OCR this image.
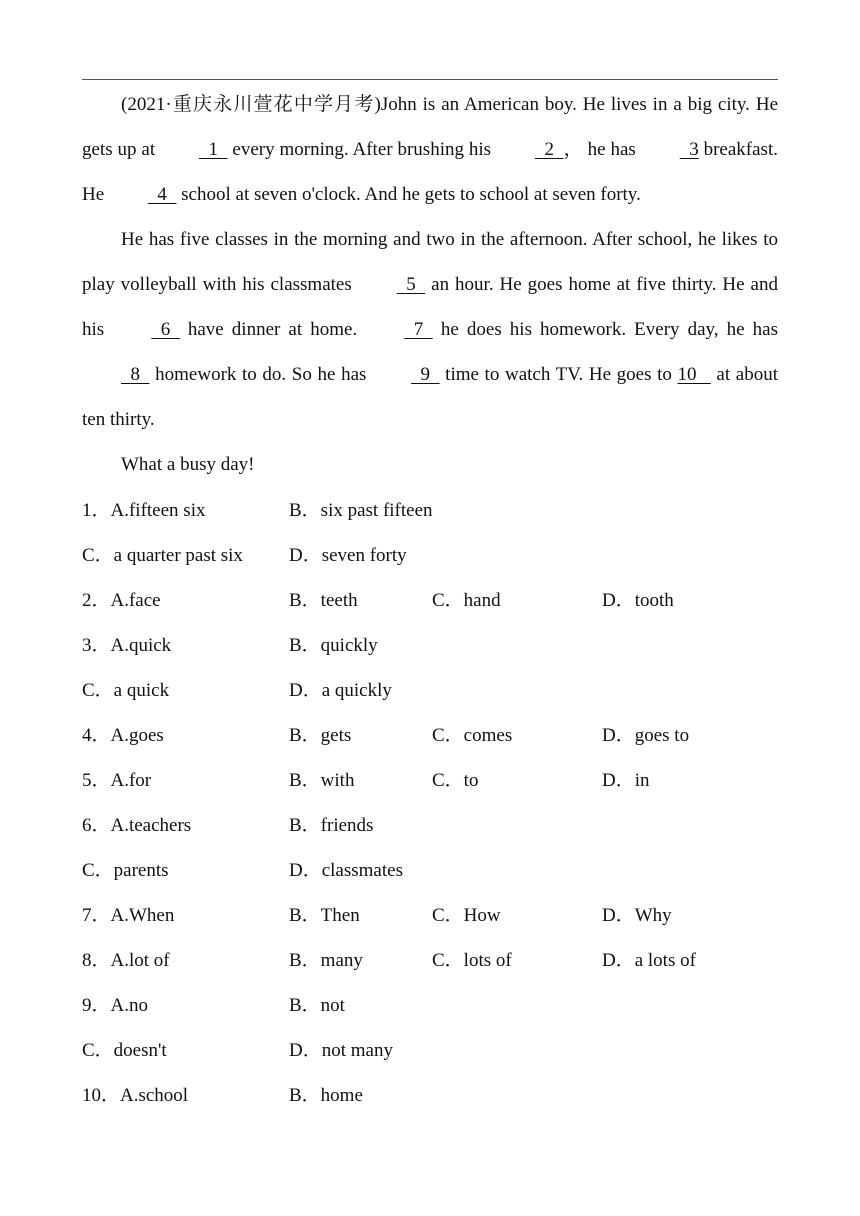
(2021·重庆永川萱花中学月考)John is an American boy. He lives in a big city. He gets up at   1   every morning. After brushing his   2  ， he has   3 breakfast. He   4   school at seven o'clock. And he gets to school at seven forty.

He has five classes in the morning and two in the afternoon. After school, he likes to play volleyball with his classmates   5   an hour. He goes home at five thirty. He and his   6   have dinner at home.   7   he does his homework. Every day, he has   8   homework to do. So he has   9   time to watch TV. He goes to 10    at about ten thirty.

What a busy day!

1．A.fifteen six	B．six past fifteen
C．a quarter past six D．seven forty
2．A.face	B．teeth	C．hand	D．tooth
3．A.quick	B．quickly
C．a quick	D．a quickly
4．A.goes	B．gets	C．comes	D．goes to
5．A.for	B．with	C．to	D．in
6．A.teachers	B．friends
C．parents	D．classmates
7．A.When	B．Then	C．How	D．Why
8．A.lot of	B．many	C．lots of	D．a lots of
9．A.no	B．not
C．doesn't	D．not many
10．A.school	B．home
